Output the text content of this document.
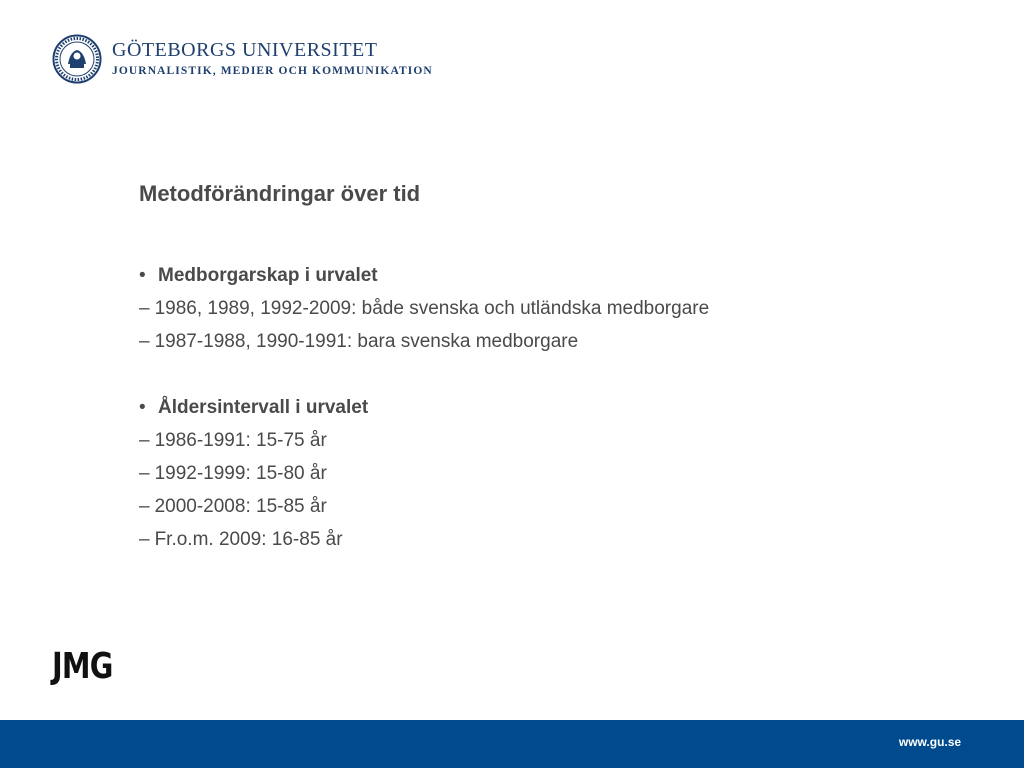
GÖTEBORGS UNIVERSITET
JOURNALISTIK, MEDIER OCH KOMMUNIKATION
Metodförändringar över tid
• Medborgarskap i urvalet
– 1986, 1989, 1992-2009: både svenska och utländska medborgare
– 1987-1988, 1990-1991: bara svenska medborgare
• Åldersintervall i urvalet
– 1986-1991: 15-75 år
– 1992-1999: 15-80 år
– 2000-2008: 15-85 år
– Fr.o.m. 2009: 16-85 år
JMG
www.gu.se
